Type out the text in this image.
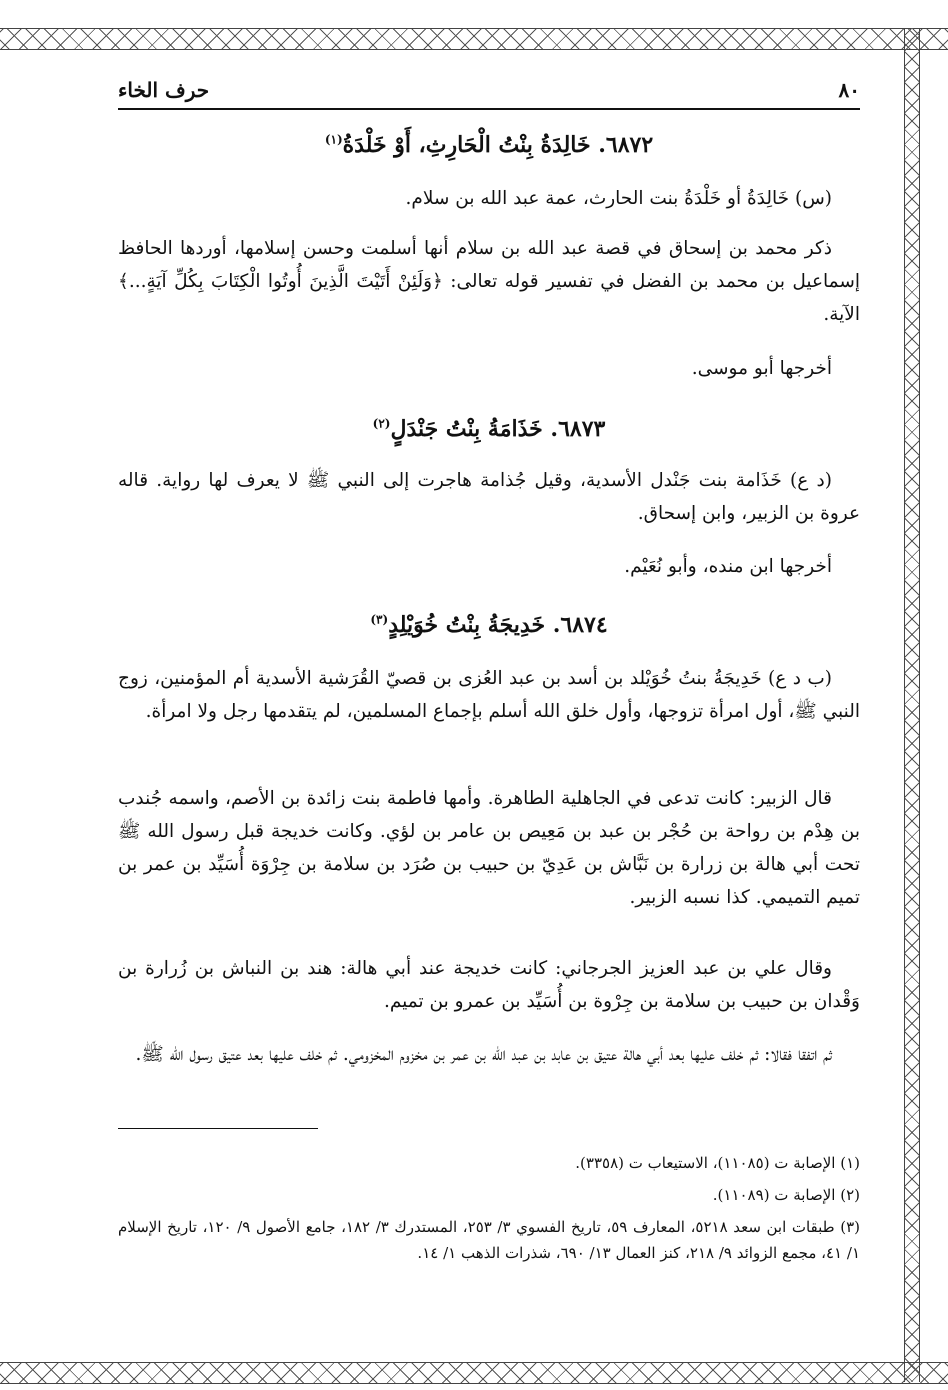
٨٠
حرف الخاء
٦٨٧٢. خَالِدَةُ بِنْتُ الْحَارِثِ، أَوْ خَلْدَةُ$^{(١)}$

(س) خَالِدَةُ أو خَلْدَةُ بنت الحارث، عمة عبد الله بن سلام.

ذكر محمد بن إسحاق في قصة عبد الله بن سلام أنها أسلمت وحسن إسلامها، أوردها الحافظ إسماعيل بن محمد بن الفضل في تفسير قوله تعالى: ﴿وَلَئِنْ أَتَيْتَ الَّذِينَ أُوتُوا الْكِتَابَ بِكُلِّ آيَةٍ...﴾ الآية.

أخرجها أبو موسى.

٦٨٧٣. خَذَامَةُ بِنْتُ جَنْدَلٍ$^{(٢)}$

(د ع) خَذَامة بنت جَنْدل الأسدية، وقيل جُذامة هاجرت إلى النبي ﷺ لا يعرف لها رواية. قاله عروة بن الزبير، وابن إسحاق.

أخرجها ابن منده، وأبو نُعَيْم.

٦٨٧٤. خَدِيجَةُ بِنْتُ خُوَيْلِدٍ$^{(٣)}$

(ب د ع) خَدِيجَةُ بنتُ خُوَيْلد بن أسد بن عبد العُزى بن قصيّ القُرَشية الأسدية أم المؤمنين، زوج النبي ﷺ، أول امرأة تزوجها، وأول خلق الله أسلم بإجماع المسلمين، لم يتقدمها رجل ولا امرأة.

قال الزبير: كانت تدعى في الجاهلية الطاهرة. وأمها فاطمة بنت زائدة بن الأصم، واسمه جُندب بن هِدْم بن رواحة بن حُجْر بن عبد بن مَعِيص بن عامر بن لؤي. وكانت خديجة قبل رسول الله ﷺ تحت أبي هالة بن زرارة بن نَبَّاش بن عَدِيّ بن حبيب بن صُرَد بن سلامة بن جِرْوَة أُسَيِّد بن عمر بن تميم التميمي. كذا نسبه الزبير.

وقال علي بن عبد العزيز الجرجاني: كانت خديجة عند أبي هالة: هند بن النباش بن زُرارة بن وَقْدان بن حبيب بن سلامة بن جِرْوة بن أُسَيِّد بن عمرو بن تميم.

ثم اتفقا فقالا: ثم خلف عليها بعد أبي هالة عتيق بن عابد بن عبد الله بن عمر بن مخزوم المخزومي. ثم خلف عليها بعد عتيق رسول الله ﷺ.

(١) الإصابة ت (١١٠٨٥)، الاستيعاب ت (٣٣٥٨).

(٢) الإصابة ت (١١٠٨٩).

(٣) طبقات ابن سعد ٥٢١٨، المعارف ٥٩، تاريخ الفسوي ٣/ ٢٥٣، المستدرك ٣/ ١٨٢، جامع الأصول ٩/ ١٢٠، تاريخ الإسلام ١/ ٤١، مجمع الزوائد ٩/ ٢١٨، كنز العمال ١٣/ ٦٩٠، شذرات الذهب ١/ ١٤.
